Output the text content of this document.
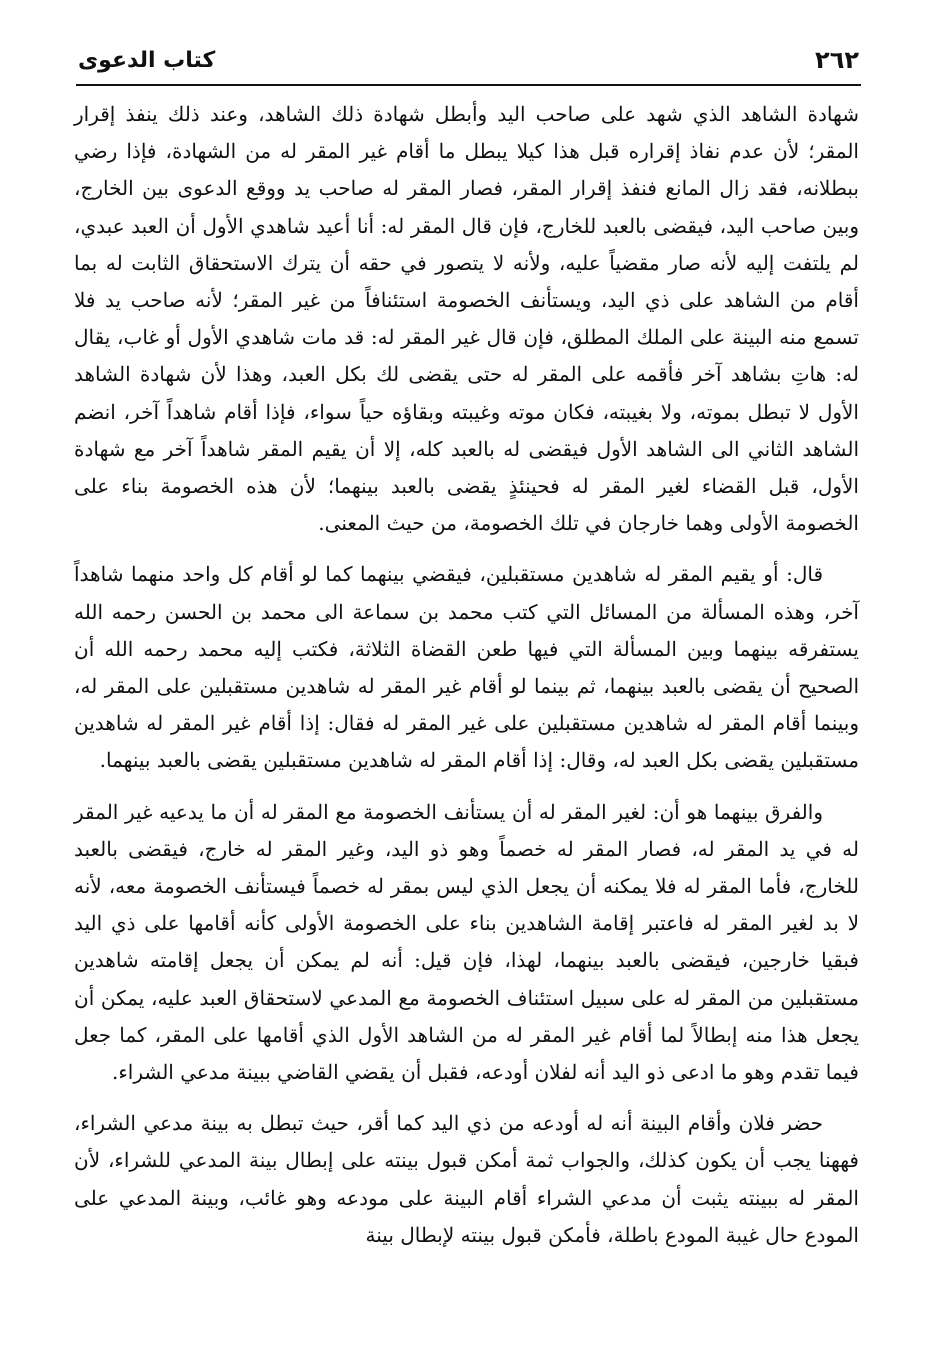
٢٦٢
كتاب الدعوى

شهادة الشاهد الذي شهد على صاحب اليد وأبطل شهادة ذلك الشاهد، وعند ذلك ينفذ إقرار المقر؛ لأن عدم نفاذ إقراره قبل هذا كيلا يبطل ما أقام غير المقر له من الشهادة، فإذا رضي ببطلانه، فقد زال المانع فنفذ إقرار المقر، فصار المقر له صاحب يد ووقع الدعوى بين الخارج، وبين صاحب اليد، فيقضى بالعبد للخارج، فإن قال المقر له: أنا أعيد شاهدي الأول أن العبد عبدي، لم يلتفت إليه لأنه صار مقضياً عليه، ولأنه لا يتصور في حقه أن يترك الاستحقاق الثابت له بما أقام من الشاهد على ذي اليد، ويستأنف الخصومة استئنافاً من غير المقر؛ لأنه صاحب يد فلا تسمع منه البينة على الملك المطلق، فإن قال غير المقر له: قد مات شاهدي الأول أو غاب، يقال له: هاتِ بشاهد آخر فأقمه على المقر له حتى يقضى لك بكل العبد، وهذا لأن شهادة الشاهد الأول لا تبطل بموته، ولا بغيبته، فكان موته وغيبته وبقاؤه حياً سواء، فإذا أقام شاهداً آخر، انضم الشاهد الثاني الى الشاهد الأول فيقضى له بالعبد كله، إلا أن يقيم المقر شاهداً آخر مع شهادة الأول، قبل القضاء لغير المقر له فحينئذٍ يقضى بالعبد بينهما؛ لأن هذه الخصومة بناء على الخصومة الأولى وهما خارجان في تلك الخصومة، من حيث المعنى.

قال: أو يقيم المقر له شاهدين مستقبلين، فيقضي بينهما كما لو أقام كل واحد منهما شاهداً آخر، وهذه المسألة من المسائل التي كتب محمد بن سماعة الى محمد بن الحسن رحمه الله يستفرقه بينهما وبين المسألة التي فيها طعن القضاة الثلاثة، فكتب إليه محمد رحمه الله أن الصحيح أن يقضى بالعبد بينهما، ثم بينما لو أقام غير المقر له شاهدين مستقبلين على المقر له، وبينما أقام المقر له شاهدين مستقبلين على غير المقر له فقال: إذا أقام غير المقر له شاهدين مستقبلين يقضى بكل العبد له، وقال: إذا أقام المقر له شاهدين مستقبلين يقضى بالعبد بينهما.

والفرق بينهما هو أن: لغير المقر له أن يستأنف الخصومة مع المقر له أن ما يدعيه غير المقر له في يد المقر له، فصار المقر له خصماً وهو ذو اليد، وغير المقر له خارج، فيقضى بالعبد للخارج، فأما المقر له فلا يمكنه أن يجعل الذي ليس بمقر له خصماً فيستأنف الخصومة معه، لأنه لا بد لغير المقر له فاعتبر إقامة الشاهدين بناء على الخصومة الأولى كأنه أقامها على ذي اليد فبقيا خارجين، فيقضى بالعبد بينهما، لهذا، فإن قيل: أنه لم يمكن أن يجعل إقامته شاهدين مستقبلين من المقر له على سبيل استئناف الخصومة مع المدعي لاستحقاق العبد عليه، يمكن أن يجعل هذا منه إبطالاً لما أقام غير المقر له من الشاهد الأول الذي أقامها على المقر، كما جعل فيما تقدم وهو ما ادعى ذو اليد أنه لفلان أودعه، فقبل أن يقضي القاضي ببينة مدعي الشراء.

حضر فلان وأقام البينة أنه له أودعه من ذي اليد كما أقر، حيث تبطل به بينة مدعي الشراء، فههنا يجب أن يكون كذلك، والجواب ثمة أمكن قبول بينته على إبطال بينة المدعي للشراء، لأن المقر له ببينته يثبت أن مدعي الشراء أقام البينة على مودعه وهو غائب، وبينة المدعي على المودع حال غيبة المودع باطلة، فأمكن قبول بينته لإبطال بينة
